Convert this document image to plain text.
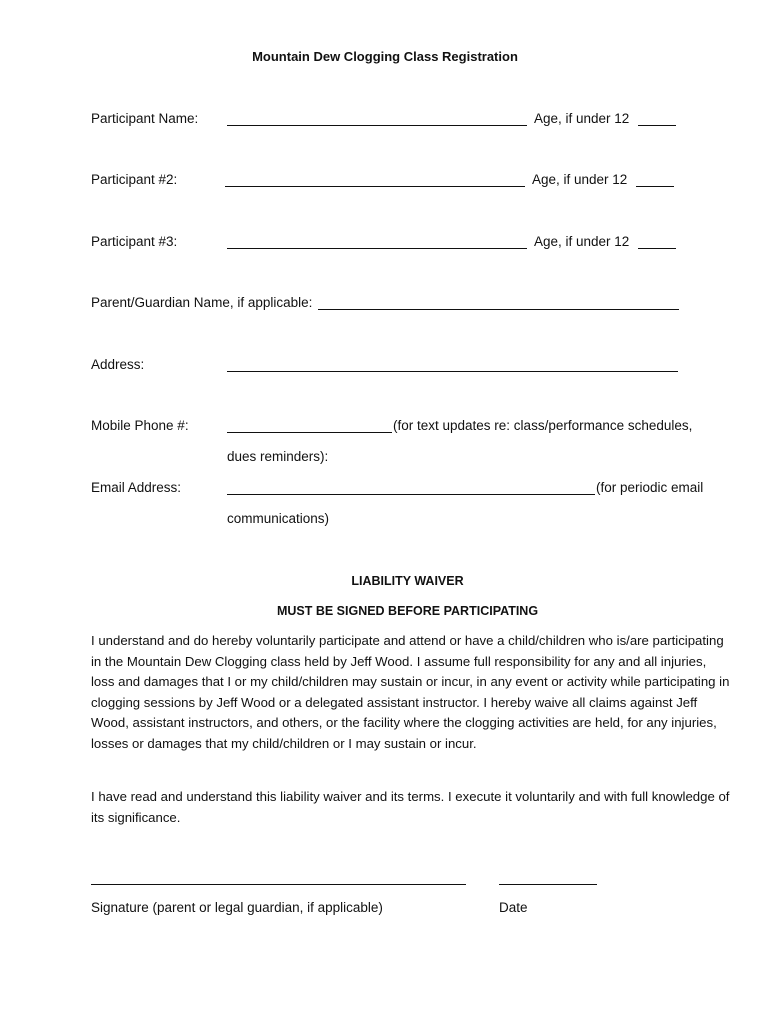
Mountain Dew Clogging Class Registration
Participant Name:	Age, if under 12
Participant #2:	Age, if under 12
Participant #3:	Age, if under 12
Parent/Guardian Name, if applicable:
Address:
Mobile Phone #:	(for text updates re: class/performance schedules,
dues reminders):
Email Address:	(for periodic email
communications)
LIABILITY WAIVER
MUST BE SIGNED BEFORE PARTICIPATING
I understand and do hereby voluntarily participate and attend or have a child/children who is/are participating in the Mountain Dew Clogging class held by Jeff Wood. I assume full responsibility for any and all injuries, loss and damages that I or my child/children may sustain or incur, in any event or activity while participating in clogging sessions by Jeff Wood or a delegated assistant instructor. I hereby waive all claims against Jeff Wood, assistant instructors, and others, or the facility where the clogging activities are held, for any injuries, losses or damages that my child/children or I may sustain or incur.
I have read and understand this liability waiver and its terms. I execute it voluntarily and with full knowledge of its significance.
Signature (parent or legal guardian, if applicable)	Date
